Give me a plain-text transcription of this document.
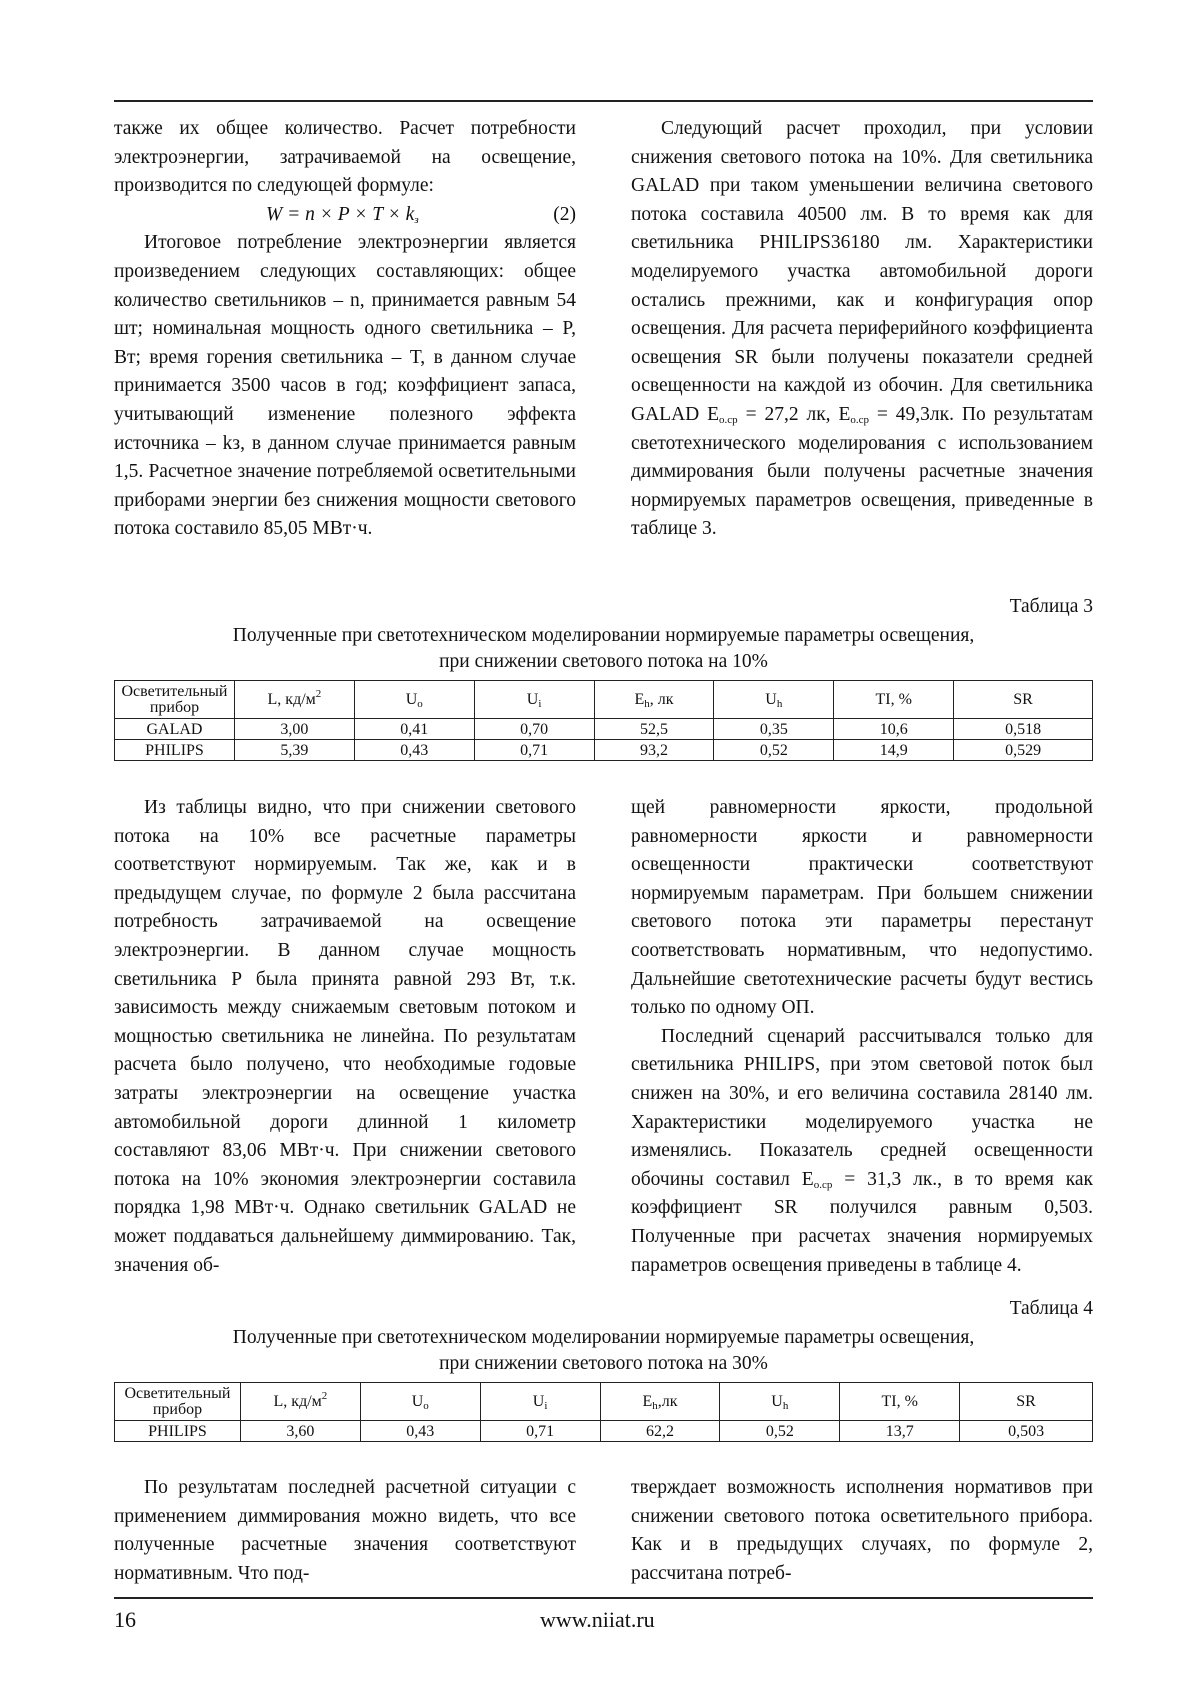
также их общее количество. Расчет потребности электроэнергии, затрачиваемой на освещение, производится по следующей формуле:

$W = n \times P \times T \times k_з$	(2)

Итоговое потребление электроэнергии является произведением следующих составляющих: общее количество светильников – n, принимается равным 54 шт; номинальная мощность одного светильника – P, Вт; время горения светильника – T, в данном случае принимается 3500 часов в год; коэффициент запаса, учитывающий изменение полезного эффекта источника – kз, в данном случае принимается равным 1,5. Расчетное значение потребляемой осветительными приборами энергии без снижения мощности светового потока составило 85,05 МВт·ч.

Следующий расчет проходил, при условии снижения светового потока на 10%. Для светильника GALAD при таком уменьшении величина светового потока составила 40500 лм. В то время как для светильника PHILIPS36180 лм. Характеристики моделируемого участка автомобильной дороги остались прежними, как и конфигурация опор освещения. Для расчета периферийного коэффициента освещения SR были получены показатели средней освещенности на каждой из обочин. Для светильника GALAD $E_{о.ср} = 27,2$ лк, $E_{о.ср} = 49,3лк$. По результатам светотехнического моделирования с использованием диммирования были получены расчетные значения нормируемых параметров освещения, приведенные в таблице 3.

Таблица 3
Полученные при светотехническом моделировании нормируемые параметры освещения,
при снижении светового потока на 10%
Осветительный прибор	L, $кд/м^2$	$U_o$	$U_i$	$E_h$, лк	$U_h$	TI, %	SR
GALAD	3,00	0,41	0,70	52,5	0,35	10,6	0,518
PHILIPS	5,39	0,43	0,71	93,2	0,52	14,9	0,529

Из таблицы видно, что при снижении светового потока на 10% все расчетные параметры соответствуют нормируемым. Так же, как и в предыдущем случае, по формуле 2 была рассчитана потребность затрачиваемой на освещение электроэнергии. В данном случае мощность светильника P была принята равной 293 Вт, т.к. зависимость между снижаемым световым потоком и мощностью светильника не линейна. По результатам расчета было получено, что необходимые годовые затраты электроэнергии на освещение участка автомобильной дороги длинной 1 километр составляют 83,06 МВт·ч. При снижении светового потока на 10% экономия электроэнергии составила порядка 1,98 МВт·ч. Однако светильник GALAD не может поддаваться дальнейшему диммированию. Так, значения об-

щей равномерности яркости, продольной равномерности яркости и равномерности освещенности практически соответствуют нормируемым параметрам. При большем снижении светового потока эти параметры перестанут соответствовать нормативным, что недопустимо. Дальнейшие светотехнические расчеты будут вестись только по одному ОП.

Последний сценарий рассчитывался только для светильника PHILIPS, при этом световой поток был снижен на 30%, и его величина составила 28140 лм. Характеристики моделируемого участка не изменялись. Показатель средней освещенности обочины составил $E_{о.ср} = 31,3$ лк., в то время как коэффициент SR получился равным 0,503. Полученные при расчетах значения нормируемых параметров освещения приведены в таблице 4.

Таблица 4
Полученные при светотехническом моделировании нормируемые параметры освещения,
при снижении светового потока на 30%
Осветительный прибор	L, $кд/м^2$	$U_o$	$U_i$	$E_h,лк$	$U_h$	TI, %	SR
PHILIPS	3,60	0,43	0,71	62,2	0,52	13,7	0,503

По результатам последней расчетной ситуации с применением диммирования можно видеть, что все полученные расчетные значения соответствуют нормативным. Что под-

тверждает возможность исполнения нормативов при снижении светового потока осветительного прибора. Как и в предыдущих случаях, по формуле 2, рассчитана потреб-

16	www.niiat.ru
